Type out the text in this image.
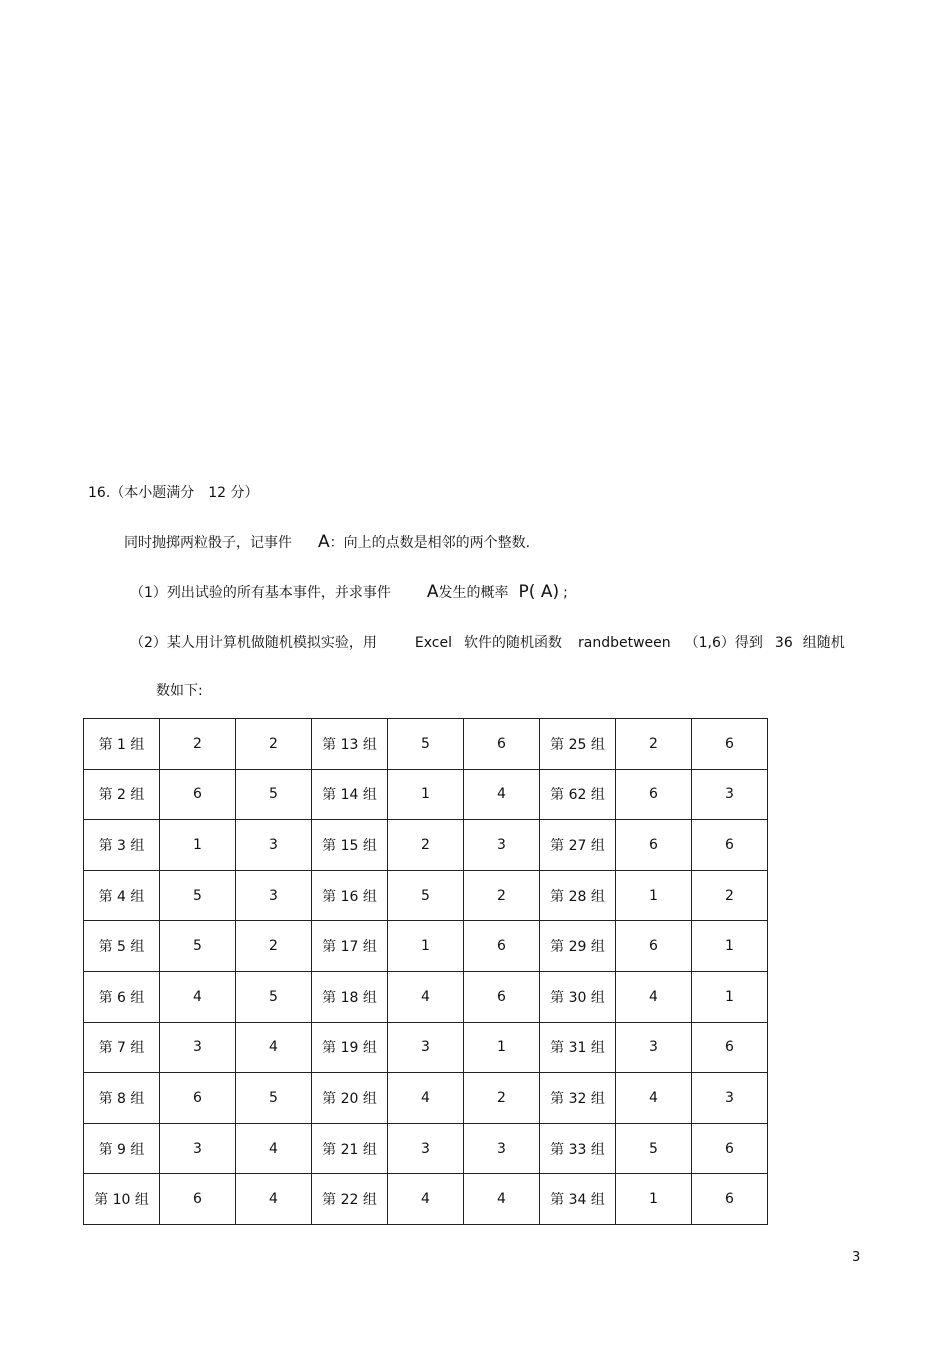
16.（本小题满分　12 分）
同时抛掷两粒骰子，记事件 A：向上的点数是相邻的两个整数.
（1）列出试验的所有基本事件，并求事件 A发生的概率 P( A) ;
（2）某人用计算机做随机模拟实验，用	Excel 软件的随机函数 randbetween （1,6）得到 36 组随机
数如下:
第 1 组	2	2	第 13 组	5	6	第 25 组	2	6
第 2 组	6	5	第 14 组	1	4	第 62 组	6	3
第 3 组	1	3	第 15 组	2	3	第 27 组	6	6
第 4 组	5	3	第 16 组	5	2	第 28 组	1	2
第 5 组	5	2	第 17 组	1	6	第 29 组	6	1
第 6 组	4	5	第 18 组	4	6	第 30 组	4	1
第 7 组	3	4	第 19 组	3	1	第 31 组	3	6
第 8 组	6	5	第 20 组	4	2	第 32 组	4	3
第 9 组	3	4	第 21 组	3	3	第 33 组	5	6
第 10 组	6	4	第 22 组	4	4	第 34 组	1	6
3
